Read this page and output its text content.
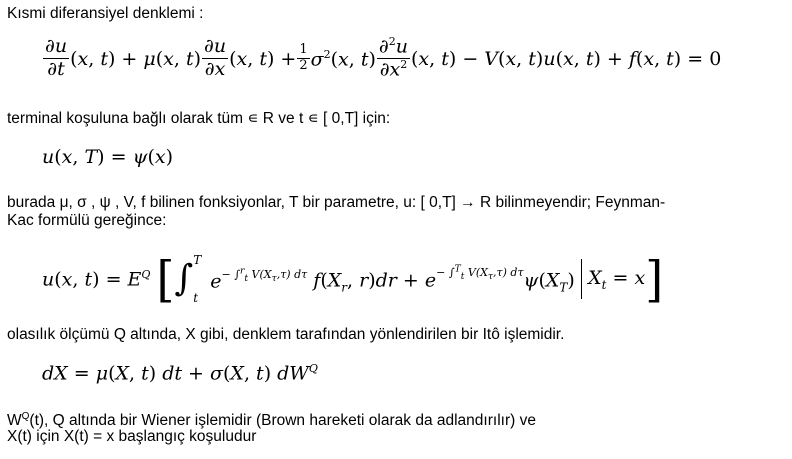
Kısmi diferansiyel denklemi :
$\frac{\partial u}{\partial t} (x$, t) + μ(x, $t) \frac{\partial u}{\partial x} (x$, $t) + \frac{1}{2} \sigma^2(x$, $t) \frac{\partial^2u}{\partial x^2} (x$, t) − V(x, t)u(x, t) + f(x, t) = 0
terminal koşuluna bağlı olarak tüm ∊ R ve t ∊ [ 0,T] için:
u(x, T) = ψ(x)
burada μ, σ , ψ , V, f bilinen fonksiyonlar, T bir parametre, u: [ 0,T] → R bilinmeyendir; Feynman-
Kac formülü gereğince:
u(x, $t) = E^Q$ [ ∫ T
t
$e^{- \int^r_t V(X_\tau,\tau) d\tau}$ $f(X_r$, $r)dr + e^{- \int^T_t V(X_\tau,\tau) d\tau}\psi(X_T) X_t = x$ ]
olasılık ölçümü Q altında, X gibi, denklem tarafından yönlendirilen bir Itô işlemidir.
dX = μ(X, t) dt + σ(X, t) $dW^Q$
$W^Q(t)$, Q altında bir Wiener işlemidir (Brown hareketi olarak da adlandırılır) ve
X(t) için X(t) = x başlangıç koşuludur
